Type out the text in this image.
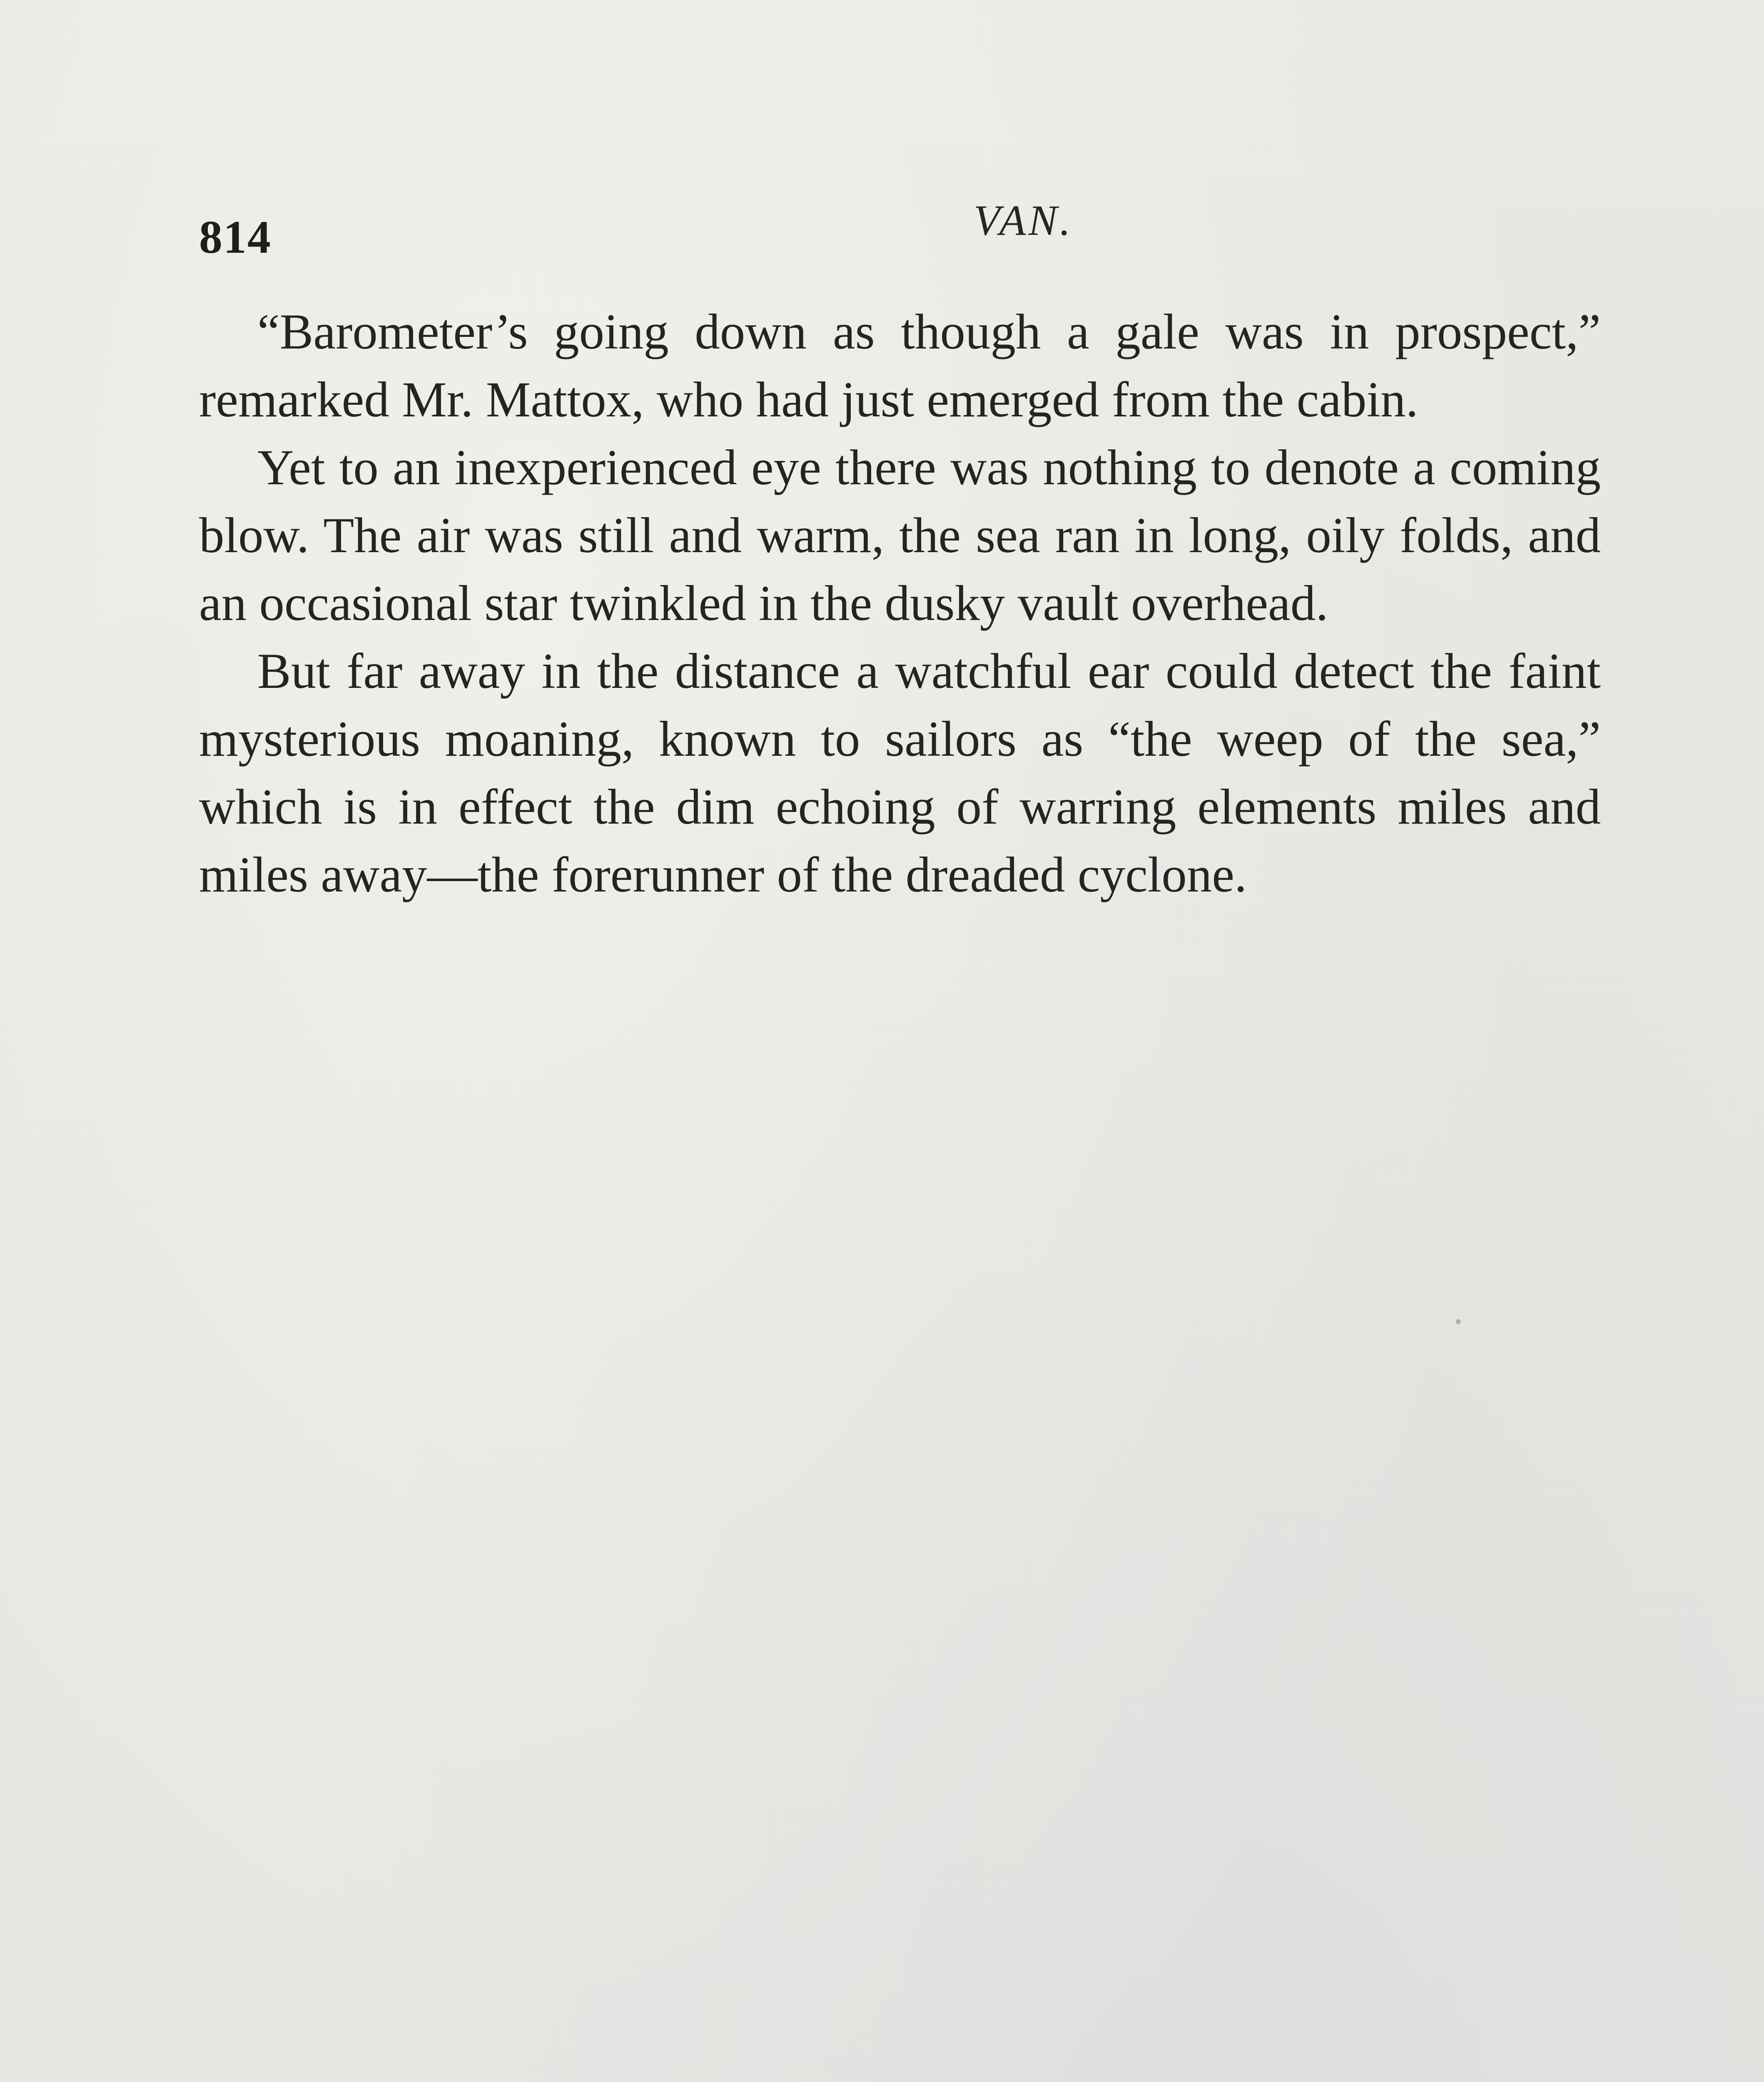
814	VAN.

“Barometer’s going down as though a gale was in prospect,” remarked Mr. Mattox, who had just emerged from the cabin.

Yet to an inexperienced eye there was nothing to denote a coming blow. The air was still and warm, the sea ran in long, oily folds, and an occasional star twinkled in the dusky vault overhead.

But far away in the distance a watchful ear could detect the faint mysterious moaning, known to sailors as “the weep of the sea,” which is in effect the dim echoing of warring elements miles and miles away—the forerunner of the dreaded cyclone.
